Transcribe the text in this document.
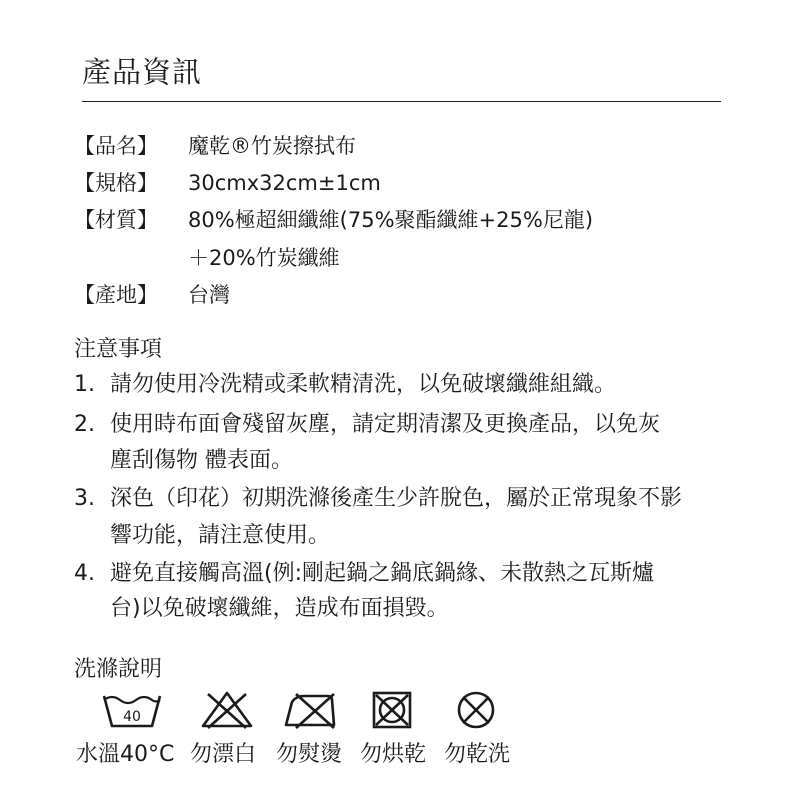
產品資訊
【品名】	魔乾®竹炭擦拭布
【規格】	30cmx32cm±1cm
【材質】	80%極超細纖維(75%聚酯纖維+25%尼龍)
＋20%竹炭纖維
【產地】	台灣
注意事項
1. 請勿使用冷洗精或柔軟精清洗，以免破壞纖維組織。
2. 使用時布面會殘留灰塵，請定期清潔及更換產品，以免灰
塵刮傷物 體表面。
3. 深色（印花）初期洗滌後產生少許脫色，屬於正常現象不影
響功能，請注意使用。
4. 避免直接觸高溫(例:剛起鍋之鍋底鍋緣、未散熱之瓦斯爐
台)以免破壞纖維，造成布面損毀。
洗滌說明
40
水溫40°C 勿漂白 勿熨燙 勿烘乾 勿乾洗
